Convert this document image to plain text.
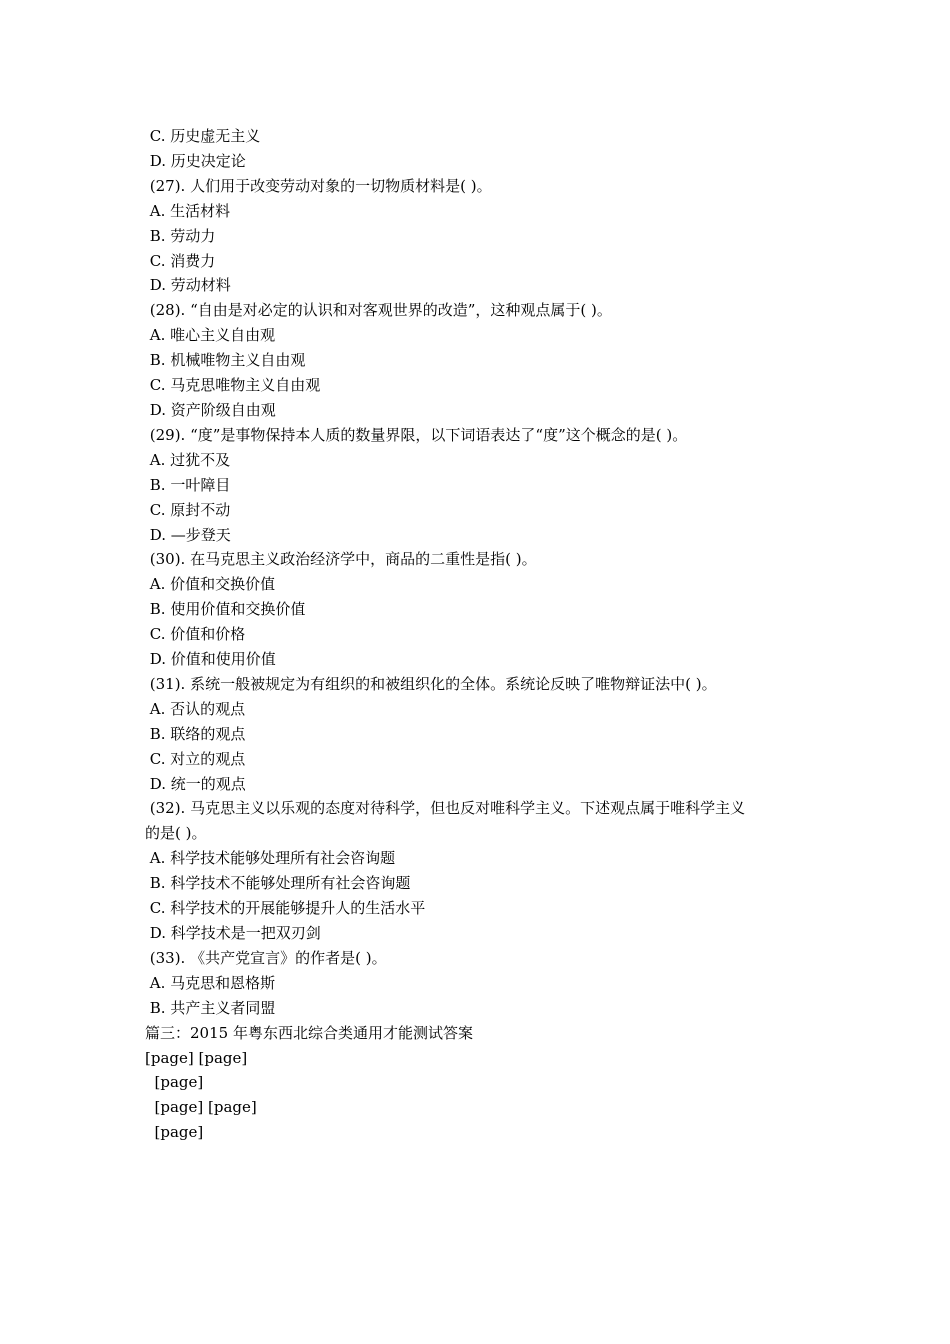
C. 历史虚无主义

D. 历史决定论

(27). 人们用于改变劳动对象的一切物质材料是( )。

A. 生活材料

B. 劳动力

C. 消费力

D. 劳动材料

(28). “自由是对必定的认识和对客观世界的改造”，这种观点属于( )。

A. 唯心主义自由观

B. 机械唯物主义自由观

C. 马克思唯物主义自由观

D. 资产阶级自由观

(29). “度”是事物保持本人质的数量界限，以下词语表达了“度”这个概念的是( )。

A. 过犹不及

B. 一叶障目

C. 原封不动

D. —步登天

(30). 在马克思主义政治经济学中，商品的二重性是指( )。

A. 价值和交换价值

B. 使用价值和交换价值

C. 价值和价格

D. 价值和使用价值

(31). 系统一般被规定为有组织的和被组织化的全体。系统论反映了唯物辩证法中( )。

A. 否认的观点

B. 联络的观点

C. 对立的观点

D. 统一的观点

(32). 马克思主义以乐观的态度对待科学，但也反对唯科学主义。下述观点属于唯科学主义

的是( )。

A. 科学技术能够处理所有社会咨询题

B. 科学技术不能够处理所有社会咨询题

C. 科学技术的开展能够提升人的生活水平

D. 科学技术是一把双刃剑

(33). 《共产党宣言》的作者是( )。

A. 马克思和恩格斯

B. 共产主义者同盟

篇三：2015 年粤东西北综合类通用才能测试答案

[page] [page]

[page]

[page] [page]

[page]
